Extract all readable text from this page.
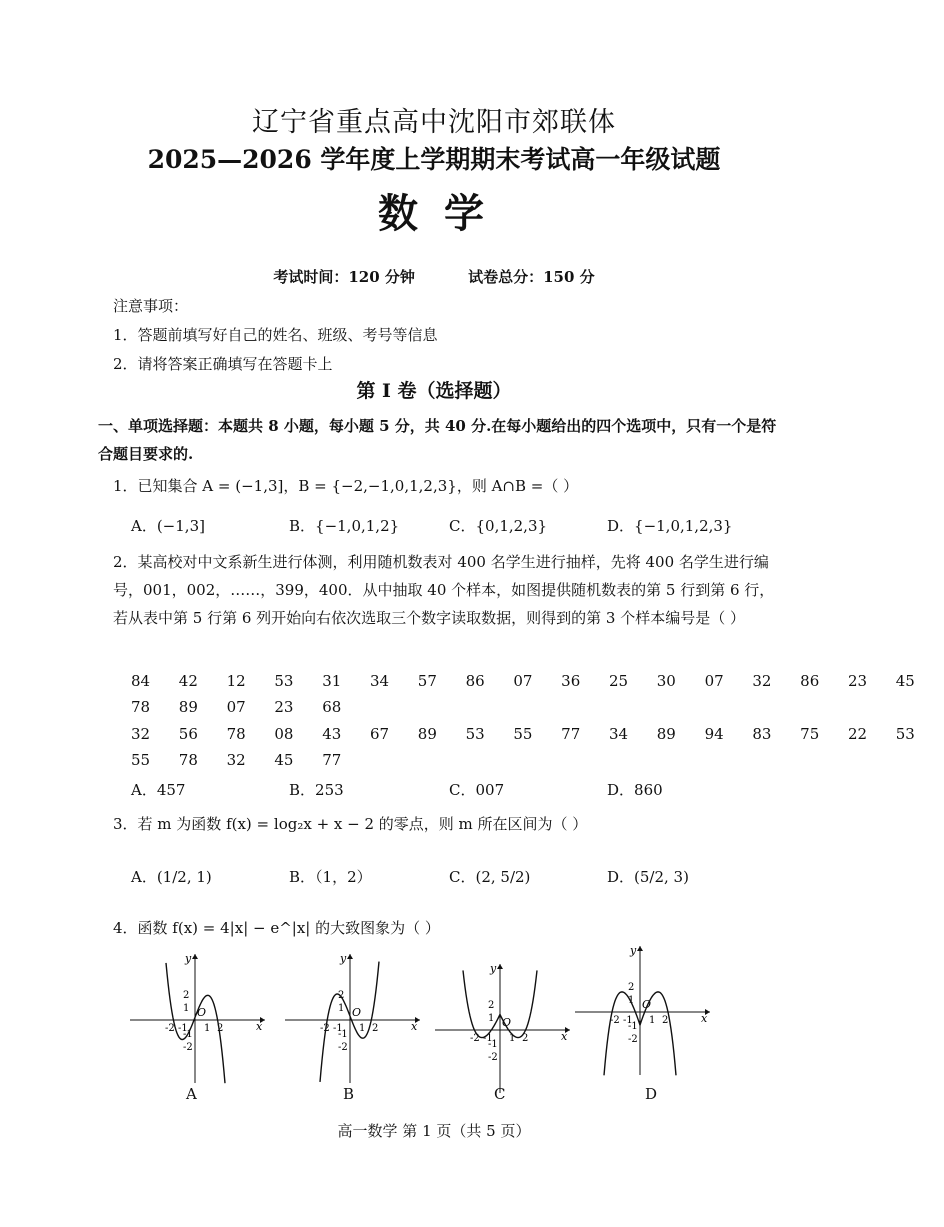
辽宁省重点高中沈阳市郊联体
2025—2026 学年度上学期期末考试高一年级试题
数 学
考试时间：120 分钟	试卷总分：150 分
注意事项：
1．答题前填写好自己的姓名、班级、考号等信息
2．请将答案正确填写在答题卡上
第 I 卷（选择题）
一、单项选择题：本题共 8 小题，每小题 5 分，共 40 分.在每小题给出的四个选项中，只有一个是符合题目要求的.
1．已知集合 A = (−1,3]，B = {−2,−1,0,1,2,3}，则 A∩B =（ ）
A．(−1,3]	B．{−1,0,1,2}	C．{0,1,2,3}	D．{−1,0,1,2,3}
2．某高校对中文系新生进行体测，利用随机数表对 400 名学生进行抽样，先将 400 名学生进行编号，001，002，……，399，400．从中抽取 40 个样本，如图提供随机数表的第 5 行到第 6 行，若从表中第 5 行第 6 列开始向右依次选取三个数字读取数据，则得到的第 3 个样本编号是（ ）
84 42 12 53 31 34 57 86 07 36 25 30 07 32 86 23 45
78 89 07 23 68
32 56 78 08 43 67 89 53 55 77 34 89 94 83 75 22 53
55 78 32 45 77
A．457	B．253	C．007	D．860
3．若 m 为函数 f(x) = log₂x + x − 2 的零点，则 m 所在区间为（ ）
A．(1/2, 1)	B．（1，2）	C．(2, 5/2)	D．(5/2, 3)
4．函数 f(x) = 4|x| − e^|x| 的大致图象为（ ）
x
y
O
-2 -1 1 2
2
1
-1
-2
A
x
y
O
-2 -1 1 2
2
1
-1
-2
B
x
y
O
-2 -1 1 2
2
1
-1
-2
C
x
y
O
-2 -1 1 2
2
1
-1
-2
D
高一数学 第 1 页（共 5 页）
